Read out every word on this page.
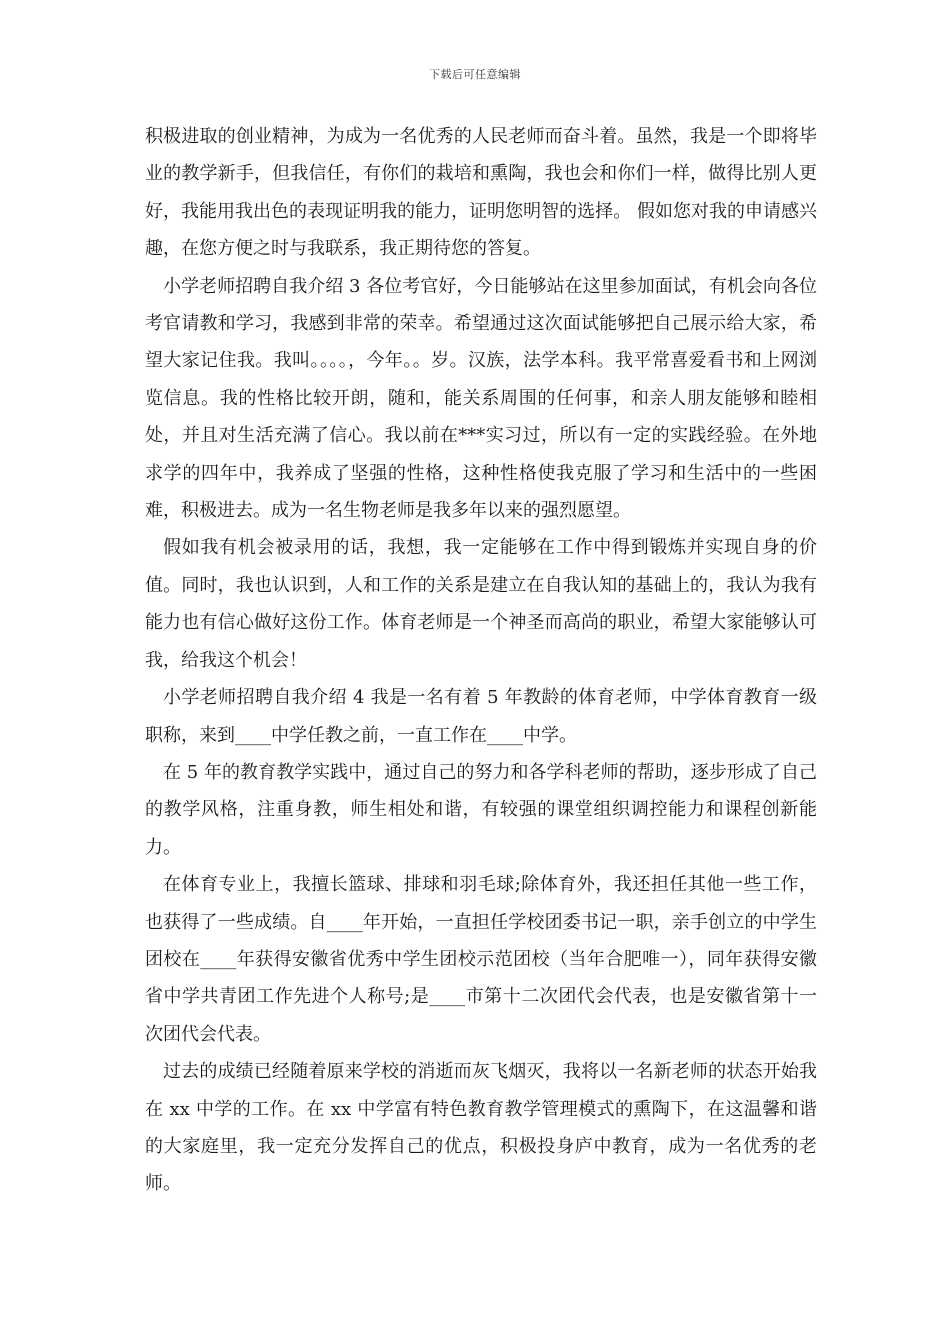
下载后可任意编辑

积极进取的创业精神，为成为一名优秀的人民老师而奋斗着。虽然，我是一个即将毕业的教学新手，但我信任，有你们的栽培和熏陶，我也会和你们一样，做得比别人更好，我能用我出色的表现证明我的能力，证明您明智的选择。 假如您对我的申请感兴趣，在您方便之时与我联系，我正期待您的答复。

小学老师招聘自我介绍 3 各位考官好，今日能够站在这里参加面试，有机会向各位考官请教和学习，我感到非常的荣幸。希望通过这次面试能够把自己展示给大家，希望大家记住我。我叫。。。。，今年。。岁。汉族，法学本科。我平常喜爱看书和上网浏览信息。我的性格比较开朗，随和，能关系周围的任何事，和亲人朋友能够和睦相处，并且对生活充满了信心。我以前在***实习过，所以有一定的实践经验。在外地求学的四年中，我养成了坚强的性格，这种性格使我克服了学习和生活中的一些困难，积极进去。成为一名生物老师是我多年以来的强烈愿望。

假如我有机会被录用的话，我想，我一定能够在工作中得到锻炼并实现自身的价值。同时，我也认识到，人和工作的关系是建立在自我认知的基础上的，我认为我有能力也有信心做好这份工作。体育老师是一个神圣而高尚的职业，希望大家能够认可我，给我这个机会！

小学老师招聘自我介绍 4 我是一名有着 5 年教龄的体育老师，中学体育教育一级职称，来到____中学任教之前，一直工作在____中学。

在 5 年的教育教学实践中，通过自己的努力和各学科老师的帮助，逐步形成了自己的教学风格，注重身教，师生相处和谐，有较强的课堂组织调控能力和课程创新能力。

在体育专业上，我擅长篮球、排球和羽毛球;除体育外，我还担任其他一些工作，也获得了一些成绩。自____年开始，一直担任学校团委书记一职，亲手创立的中学生团校在____年获得安徽省优秀中学生团校示范团校（当年合肥唯一），同年获得安徽省中学共青团工作先进个人称号;是____市第十二次团代会代表，也是安徽省第十一次团代会代表。

过去的成绩已经随着原来学校的消逝而灰飞烟灭，我将以一名新老师的状态开始我在 xx 中学的工作。在 xx 中学富有特色教育教学管理模式的熏陶下，在这温馨和谐的大家庭里，我一定充分发挥自己的优点，积极投身庐中教育，成为一名优秀的老师。
